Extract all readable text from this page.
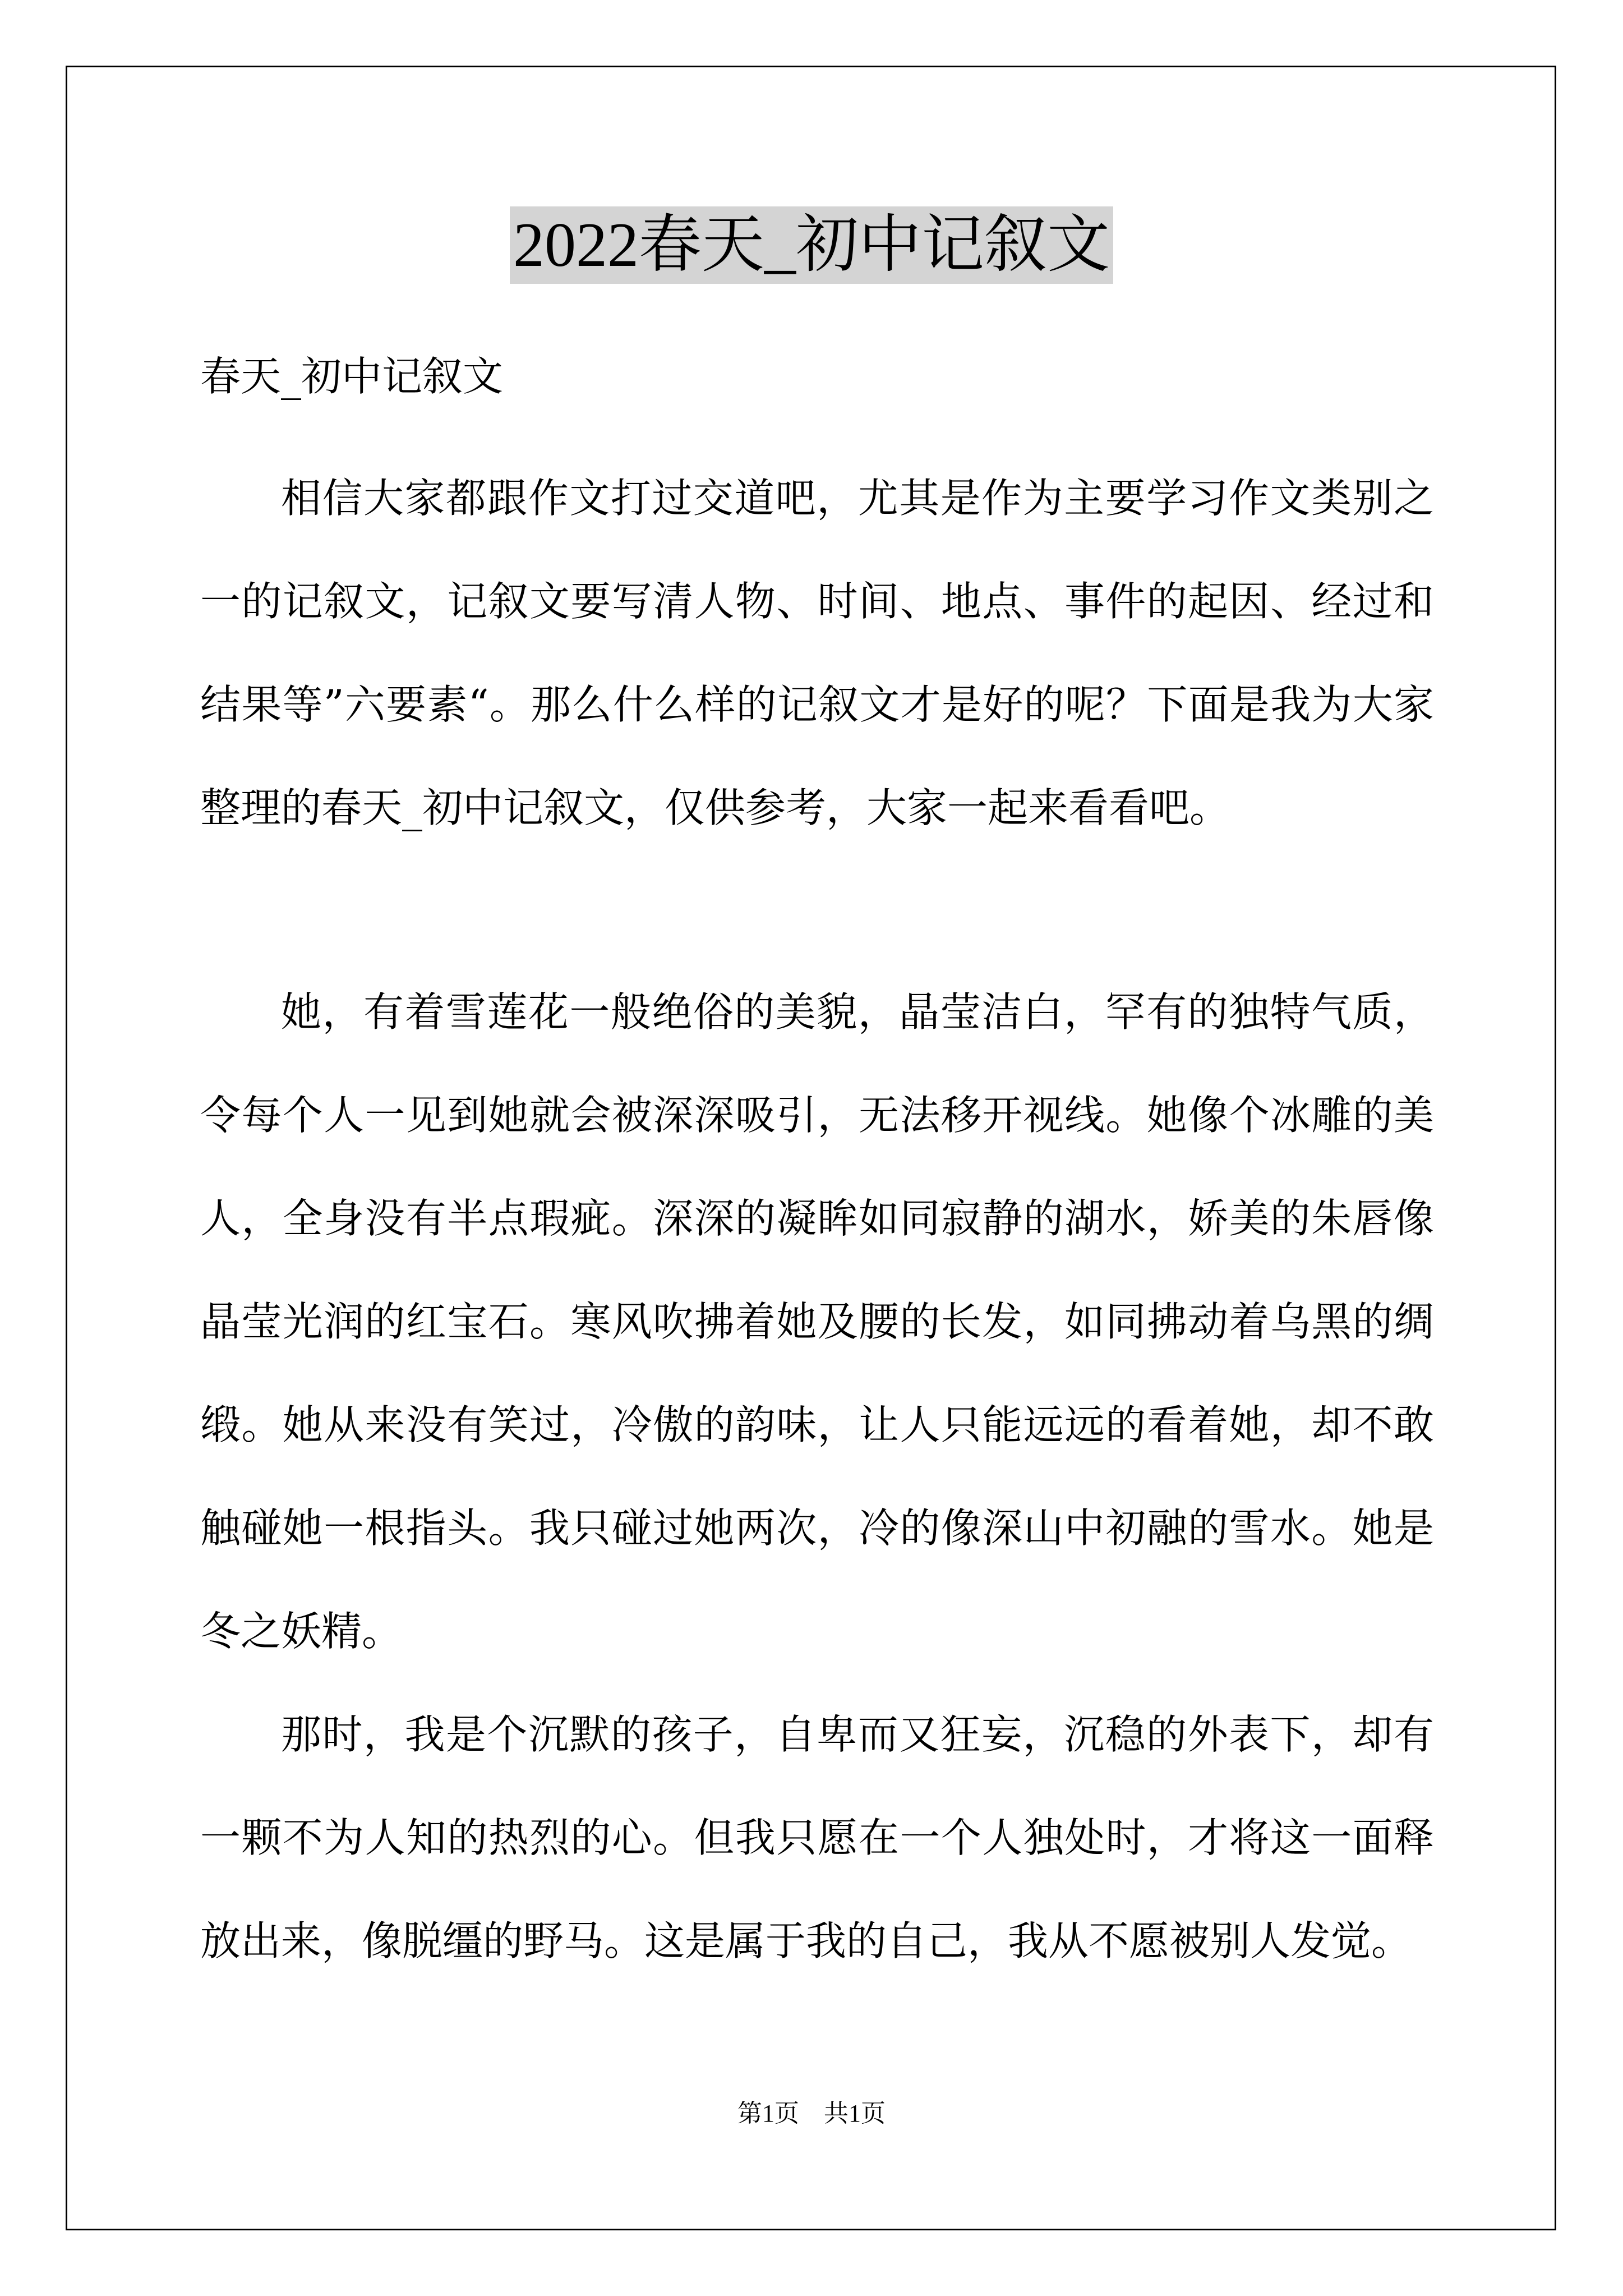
2022春天_初中记叙文
春天_初中记叙文

相信大家都跟作文打过交道吧，尤其是作为主要学习作文类别之一的记叙文，记叙文要写清人物、时间、地点、事件的起因、经过和结果等”六要素“。那么什么样的记叙文才是好的呢？下面是我为大家整理的春天_初中记叙文，仅供参考，大家一起来看看吧。

她，有着雪莲花一般绝俗的美貌，晶莹洁白，罕有的独特气质，令每个人一见到她就会被深深吸引，无法移开视线。她像个冰雕的美人，全身没有半点瑕疵。深深的凝眸如同寂静的湖水，娇美的朱唇像晶莹光润的红宝石。寒风吹拂着她及腰的长发，如同拂动着乌黑的绸缎。她从来没有笑过，冷傲的韵味，让人只能远远的看着她，却不敢触碰她一根指头。我只碰过她两次，冷的像深山中初融的雪水。她是冬之妖精。

那时，我是个沉默的孩子，自卑而又狂妄，沉稳的外表下，却有一颗不为人知的热烈的心。但我只愿在一个人独处时，才将这一面释放出来，像脱缰的野马。这是属于我的自己，我从不愿被别人发觉。

第1页　共1页
